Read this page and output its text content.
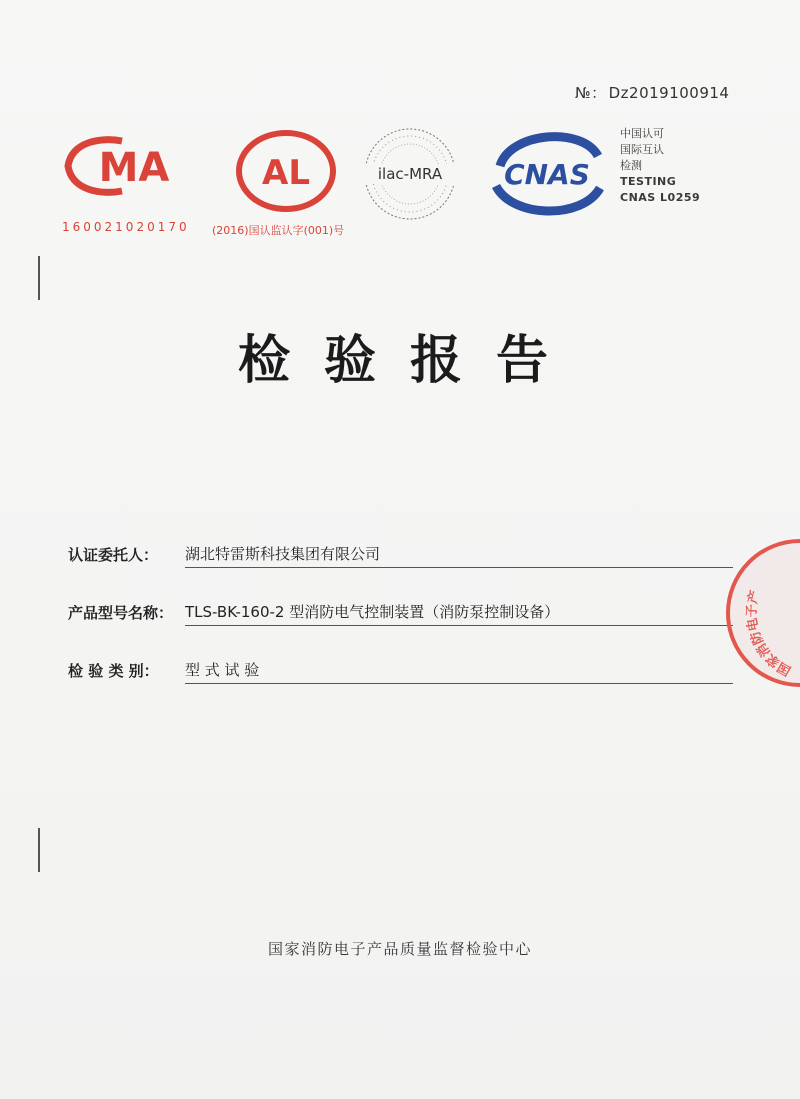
№： Dz2019100914
MA
160021020170
AL
(2016)国认监认字(001)号
ilac-MRA CNAS
中国认可
国际互认
检测
TESTING
CNAS L0259
检验报告
认证委托人：	湖北特雷斯科技集团有限公司
产品型号名称： TLS-BK-160-2 型消防电气控制装置（消防泵控制设备）
检 验 类 别：	型 式 试 验
国家消防电子产品质量监督检验中心
国家消防电子产
